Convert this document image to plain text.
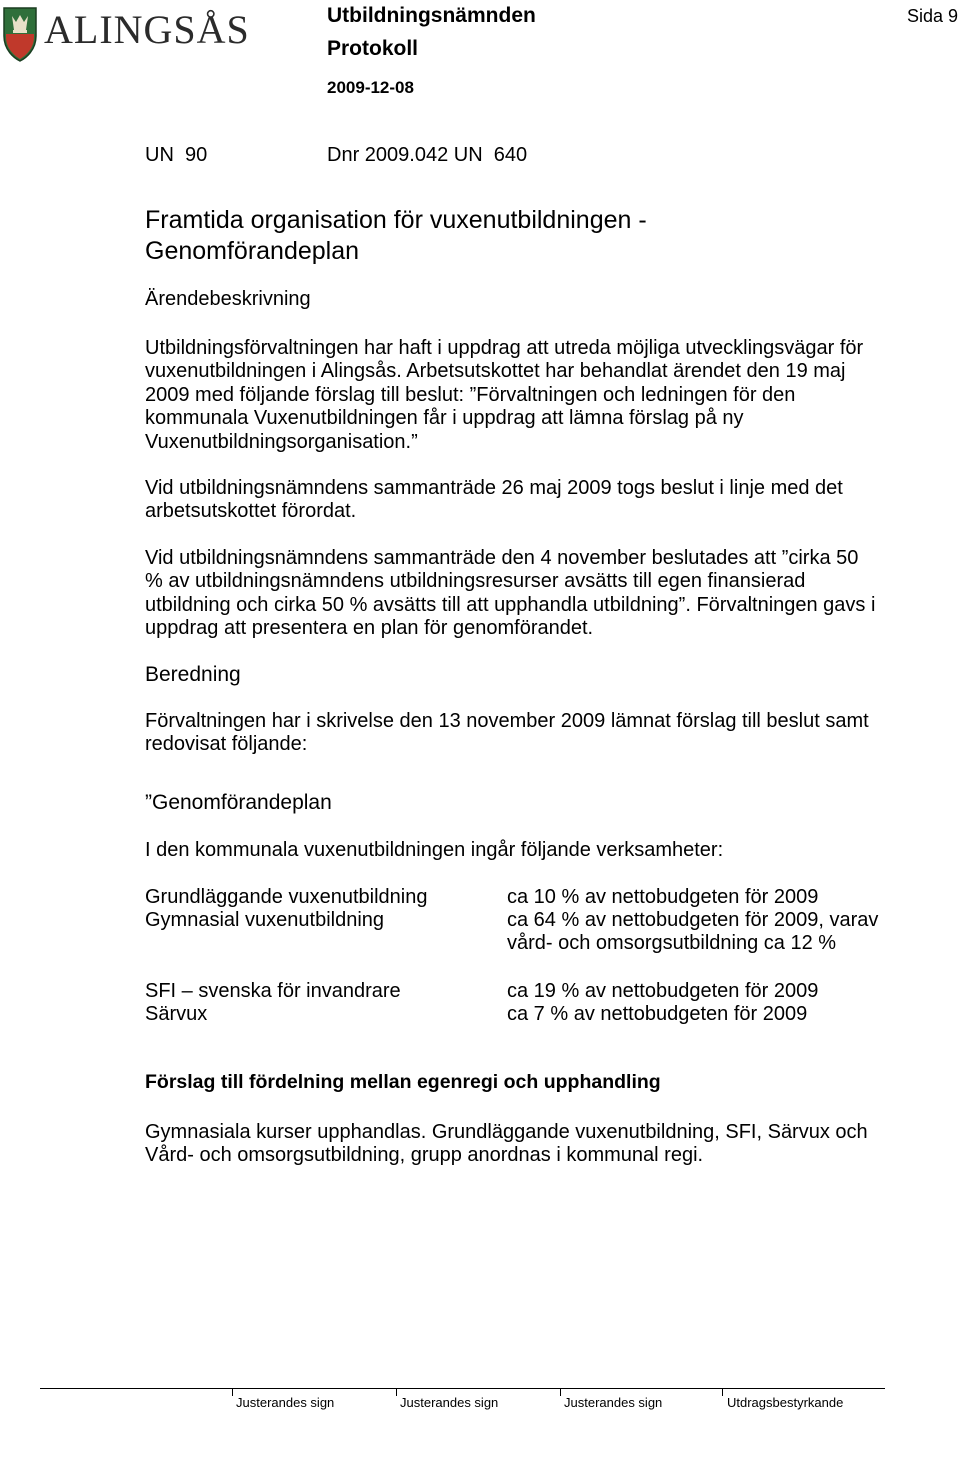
ALINGSÅS	Utbildningsnämnden
Protokoll
2009-12-08
Sida 9
UN  90	Dnr 2009.042 UN  640
Framtida organisation för vuxenutbildningen - Genomförandeplan
Ärendebeskrivning
Utbildningsförvaltningen har haft i uppdrag att utreda möjliga utvecklingsvägar för vuxenutbildningen i Alingsås. Arbetsutskottet har behandlat ärendet den 19 maj 2009 med följande förslag till beslut: ”Förvaltningen och ledningen för den kommunala Vuxenutbildningen får i uppdrag att lämna förslag på ny Vuxenutbildningsorganisation.”
Vid utbildningsnämndens sammanträde 26 maj 2009 togs beslut i linje med det arbetsutskottet förordat.
Vid utbildningsnämndens sammanträde den 4 november beslutades att ”cirka 50 % av utbildningsnämndens utbildningsresurser avsätts till egen finansierad utbildning och cirka 50 % avsätts till att upphandla utbildning”. Förvaltningen gavs i uppdrag att presentera en plan för genomförandet.
Beredning
Förvaltningen har i skrivelse den 13 november 2009 lämnat förslag till beslut samt redovisat följande:
”Genomförandeplan
I den kommunala vuxenutbildningen ingår följande verksamheter:
Grundläggande vuxenutbildning	ca 10 % av nettobudgeten för 2009
Gymnasial vuxenutbildning	ca 64 % av nettobudgeten för 2009, varav vård- och omsorgsutbildning ca 12 %
SFI – svenska för invandrare	ca 19 % av nettobudgeten för 2009
Särvux	ca 7 % av nettobudgeten för 2009
Förslag till fördelning mellan egenregi och upphandling
Gymnasiala kurser upphandlas. Grundläggande vuxenutbildning, SFI, Särvux och Vård- och omsorgsutbildning, grupp anordnas i kommunal regi.
Justerandes sign	Justerandes sign	Justerandes sign	Utdragsbestyrkande
